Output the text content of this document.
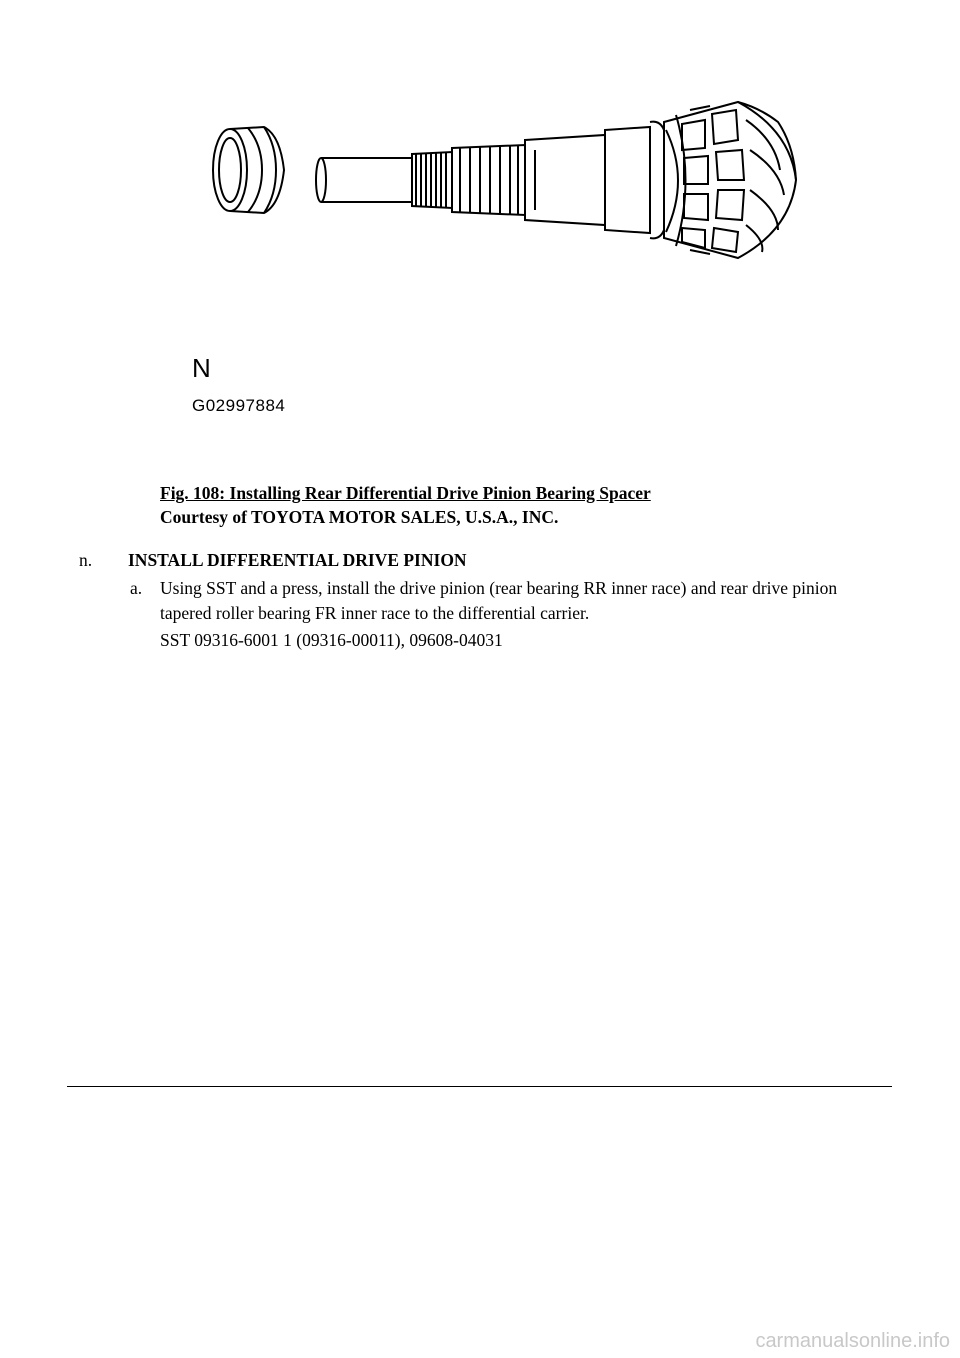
N
G02997884
Fig. 108: Installing Rear Differential Drive Pinion Bearing Spacer
Courtesy of TOYOTA MOTOR SALES, U.S.A., INC.
n. INSTALL DIFFERENTIAL DRIVE PINION
a.	Using SST and a press, install the drive pinion (rear bearing RR inner race) and rear drive pinion tapered roller bearing FR inner race to the differential carrier.
SST 09316-6001 1 (09316-00011), 09608-04031
carmanualsonline.info
